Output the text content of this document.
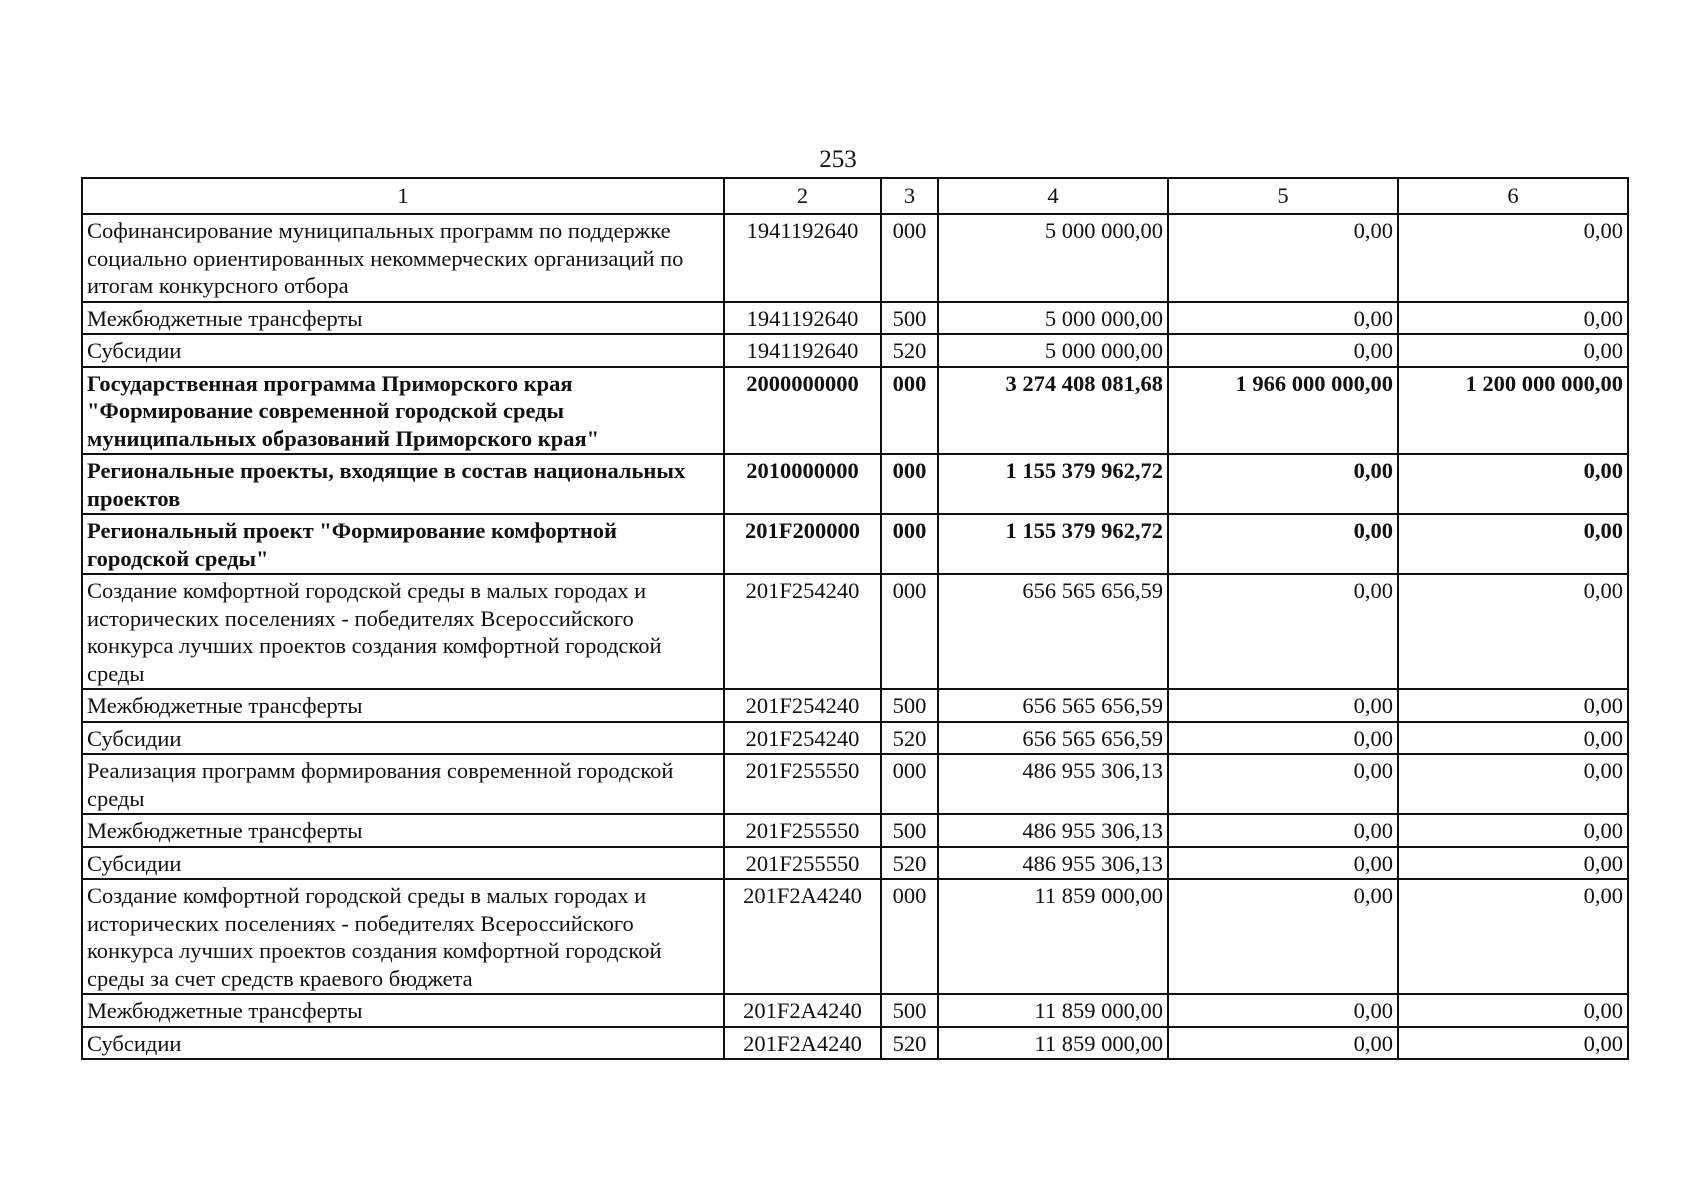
253
1	2	3	4	5	6
Софинансирование муниципальных программ по поддержке социально ориентированных некоммерческих организаций по итогам конкурсного отбора	1941192640	000	5 000 000,00	0,00	0,00
Межбюджетные трансферты	1941192640	500	5 000 000,00	0,00	0,00
Субсидии	1941192640	520	5 000 000,00	0,00	0,00
Государственная программа Приморского края "Формирование современной городской среды муниципальных образований Приморского края"	2000000000	000	3 274 408 081,68	1 966 000 000,00	1 200 000 000,00
Региональные проекты, входящие в состав национальных проектов	2010000000	000	1 155 379 962,72	0,00	0,00
Региональный проект "Формирование комфортной городской среды"	201F200000	000	1 155 379 962,72	0,00	0,00
Создание комфортной городской среды в малых городах и исторических поселениях - победителях Всероссийского конкурса лучших проектов создания комфортной городской среды	201F254240	000	656 565 656,59	0,00	0,00
Межбюджетные трансферты	201F254240	500	656 565 656,59	0,00	0,00
Субсидии	201F254240	520	656 565 656,59	0,00	0,00
Реализация программ формирования современной городской среды	201F255550	000	486 955 306,13	0,00	0,00
Межбюджетные трансферты	201F255550	500	486 955 306,13	0,00	0,00
Субсидии	201F255550	520	486 955 306,13	0,00	0,00
Создание комфортной городской среды в малых городах и исторических поселениях - победителях Всероссийского конкурса лучших проектов создания комфортной городской среды за счет средств краевого бюджета	201F2A4240	000	11 859 000,00	0,00	0,00
Межбюджетные трансферты	201F2A4240	500	11 859 000,00	0,00	0,00
Субсидии	201F2A4240	520	11 859 000,00	0,00	0,00
